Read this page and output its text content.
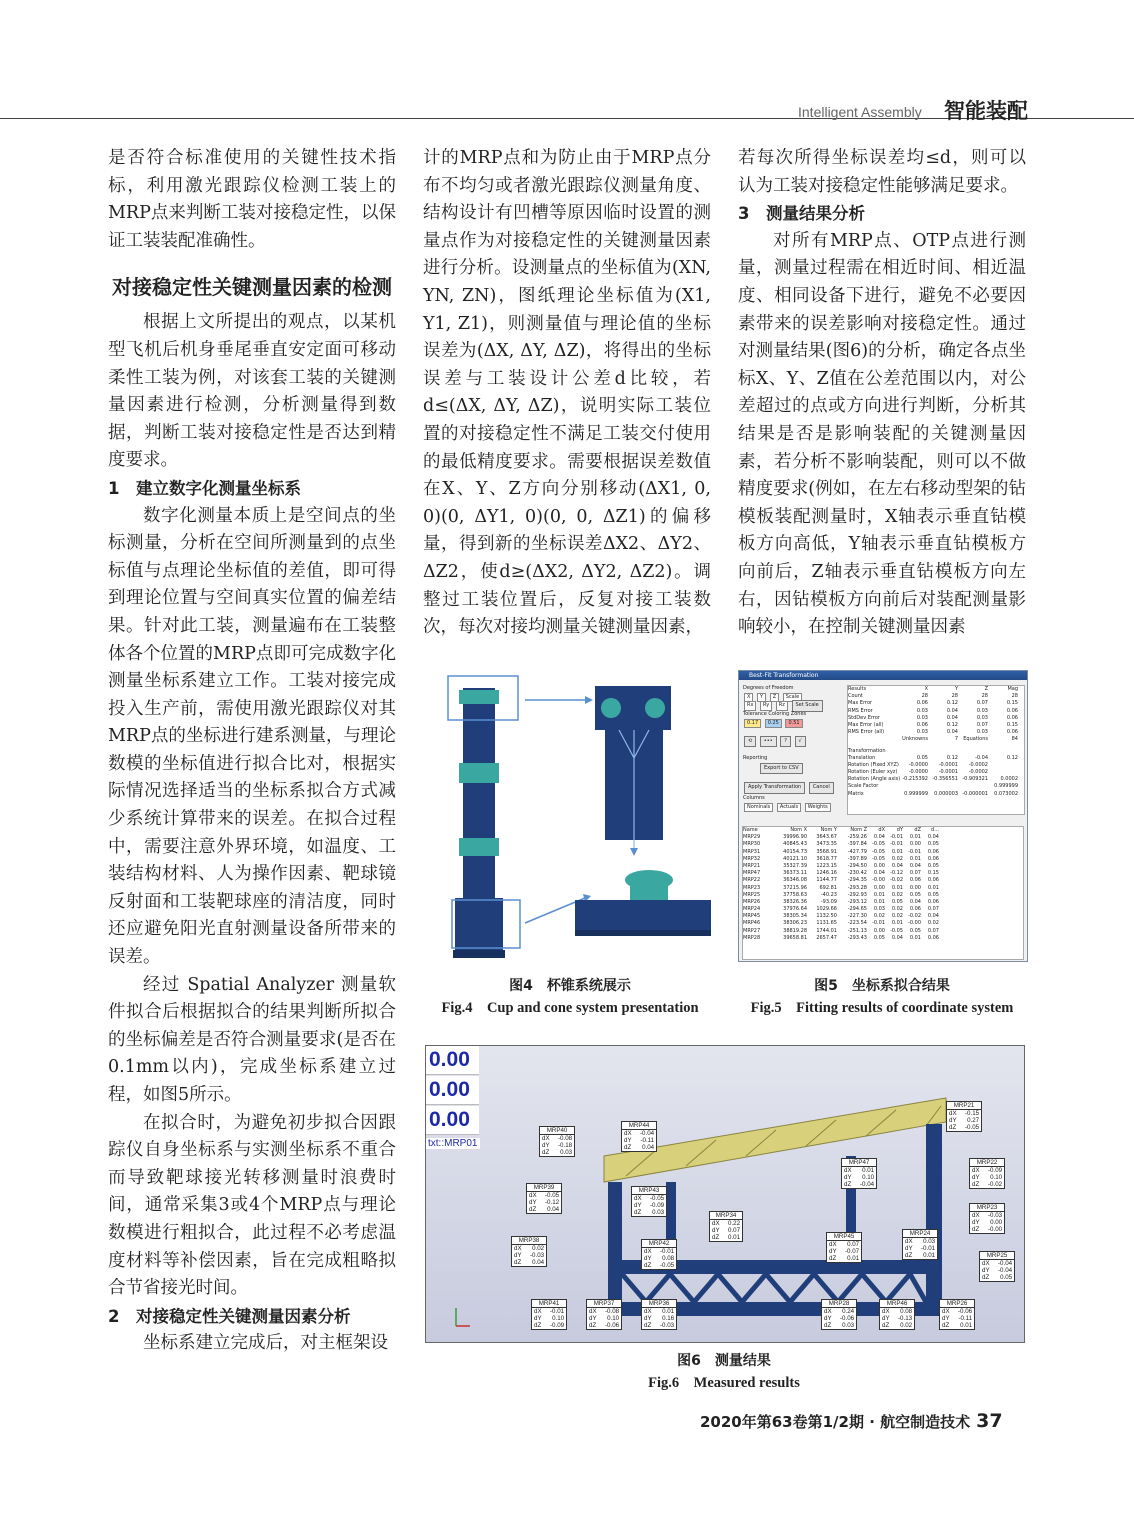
Intelligent Assembly 智能装配

是否符合标准使用的关键性技术指标，利用激光跟踪仪检测工装上的MRP点来判断工装对接稳定性，以保证工装装配准确性。

对接稳定性关键测量因素的检测

根据上文所提出的观点，以某机型飞机后机身垂尾垂直安定面可移动柔性工装为例，对该套工装的关键测量因素进行检测，分析测量得到数据，判断工装对接稳定性是否达到精度要求。

1　建立数字化测量坐标系

数字化测量本质上是空间点的坐标测量，分析在空间所测量到的点坐标值与点理论坐标值的差值，即可得到理论位置与空间真实位置的偏差结果。针对此工装，测量遍布在工装整体各个位置的MRP点即可完成数字化测量坐标系建立工作。工装对接完成投入生产前，需使用激光跟踪仪对其MRP点的坐标进行建系测量，与理论数模的坐标值进行拟合比对，根据实际情况选择适当的坐标系拟合方式减少系统计算带来的误差。在拟合过程中，需要注意外界环境，如温度、工装结构材料、人为操作因素、靶球镜反射面和工装靶球座的清洁度，同时还应避免阳光直射测量设备所带来的误差。

经过 Spatial Analyzer 测量软件拟合后根据拟合的结果判断所拟合的坐标偏差是否符合测量要求(是否在0.1mm以内)，完成坐标系建立过程，如图5所示。

在拟合时，为避免初步拟合因跟踪仪自身坐标系与实测坐标系不重合而导致靶球接光转移测量时浪费时间，通常采集3或4个MRP点与理论数模进行粗拟合，此过程不必考虑温度材料等补偿因素，旨在完成粗略拟合节省接光时间。

2　对接稳定性关键测量因素分析

坐标系建立完成后，对主框架设

计的MRP点和为防止由于MRP点分布不均匀或者激光跟踪仪测量角度、结构设计有凹槽等原因临时设置的测量点作为对接稳定性的关键测量因素进行分析。设测量点的坐标值为(XN, YN, ZN)，图纸理论坐标值为(X1, Y1, Z1)，则测量值与理论值的坐标误差为(ΔX, ΔY, ΔZ)，将得出的坐标误差与工装设计公差d比较，若d≤(ΔX, ΔY, ΔZ)，说明实际工装位置的对接稳定性不满足工装交付使用的最低精度要求。需要根据误差数值在X、Y、Z方向分别移动(ΔX1, 0, 0)(0, ΔY1, 0)(0, 0, ΔZ1)的偏移量，得到新的坐标误差ΔX2、ΔY2、ΔZ2，使d≥(ΔX2, ΔY2, ΔZ2)。调整过工装位置后，反复对接工装数次，每次对接均测量关键测量因素，

若每次所得坐标误差均≤d，则可以认为工装对接稳定性能够满足要求。

3　测量结果分析

对所有MRP点、OTP点进行测量，测量过程需在相近时间、相近温度、相同设备下进行，避免不必要因素带来的误差影响对接稳定性。通过对测量结果(图6)的分析，确定各点坐标X、Y、Z值在公差范围以内，对公差超过的点或方向进行判断，分析其结果是否是影响装配的关键测量因素，若分析不影响装配，则可以不做精度要求(例如，在左右移动型架的钻模板装配测量时，X轴表示垂直钻模板方向高低，Y轴表示垂直钻模板方向前后，Z轴表示垂直钻模板方向左右，因钻模板方向前后对装配测量影响较小，在控制关键测量因素

图4　杯锥系统展示
Fig.4　Cup and cone system presentation
Best-Fit Transformation
Degrees of Freedom
X Y Z Scale
Rx Ry Rz Set Scale
Tolerance Coloring Zones
0.17 0.25 0.51
⟲ ••• ? √
Reporting
Export to CSV
Apply Transformation Cancel
Columns
Nominals Actuals Weights
Results	X	Y	Z	Mag
Count	28	28	28	28
Max Error	0.06	0.12	0.07	0.15
RMS Error	0.03	0.04	0.03	0.06
StdDev Error	0.03	0.04	0.03	0.06
Max Error (all)	0.06	0.12	0.07	0.15
RMS Error (all)	0.03	0.04	0.03	0.06
Unknowns	7	Equations	84
Transformation
Translation	0.05	0.12	-0.04	0.12
Rotation (Fixed XYZ)	-0.0000	-0.0001	-0.0002
Rotation (Euler xyz)	-0.0000	-0.0001	-0.0002
Rotation (Angle axis) -0.215392 -0.356551 -0.909321	0.0002
Scale Factor	0.999999
Matrix	0.999999	0.000003 -0.000001	0.073002
Name	Nom X	Nom Y	Nom Z	dX	dY	dZ	d...
MRP29	39996.90	3643.67	-259.26	0.04	-0.01	0.01	0.04
MRP30	40845.43	3473.35	-397.84	-0.05	-0.01	0.00	0.05
MRP31	40154.73	3568.91	-427.79	-0.05	0.01	-0.01	0.06
MRP32	40121.10	3618.77	-397.89	-0.05	0.02	0.01	0.06
MRP21	35327.39	1223.15	-294.50	0.00	0.04	0.04	0.05
MRP47	36373.11	1246.16	-230.42	0.04	-0.12	0.07	0.15
MRP22	36346.08	1144.77	-294.35	-0.00	-0.02	0.06	0.06
MRP23	37215.96	692.81	-293.28	0.00	0.01	0.00	0.01
MRP25	37758.63	-40.23	-292.93	0.01	0.02	0.05	0.05
MRP26	38326.36	-93.09	-293.12	0.01	0.05	0.04	0.06
MRP24	37976.64	1029.66	-294.65	0.03	0.02	0.06	0.07
MRP45	38305.34	1132.50	-227.30	0.02	0.02	-0.02	0.04
MRP46	38306.23	1131.65	-223.54	-0.01	0.01	-0.00	0.02
MRP27	38819.28	1744.01	-251.13	0.00	-0.05	0.05	0.07
MRP28	39658.81	2657.47	-293.43	0.05	0.04	0.01	0.06
图5　坐标系拟合结果
Fig.5　Fitting results of coordinate system
0.00
0.00
0.00
txt::MRP01
MRP40
dX	-0.08
dY	-0.18
dZ	0.03
MRP44
dX	-0.04
dY	-0.11
dZ	0.04
MRP21
dX	-0.15
dY	0.27
dZ	-0.05
MRP47
dX	0.01
dY	0.10
dZ	-0.04
MRP22
dX	-0.09
dY	0.10
dZ	-0.02
MRP39
dX	-0.05
dY	-0.12
dZ	0.04
MRP43
dX	-0.05
dY	-0.09
dZ	0.03	MRP34
dX	0.22
dY	0.07
dZ	0.01
MRP23
dX	-0.03
dY	0.00
dZ	-0.00
MRP38
dX	0.02
dY	-0.03
dZ	0.04
MRP42
dX	-0.01
dY	0.08
dZ	-0.05
MRP45
dX	0.07
dY	-0.07
dZ	0.01
MRP24
dX	0.03
dY	-0.01
dZ	0.01	MRP25
dX	-0.04
dY	-0.04
dZ	0.05
MRP41
dX	-0.01
dY	0.10
dZ	-0.09
MRP37
dX	-0.08
dY	0.10
dZ	-0.06
MRP36
dX	0.01
dY	0.16
dZ	-0.03
MRP28
dX	0.24
dY	-0.06
dZ	0.03
MRP46
dX	0.08
dY	-0.13
dZ	0.02
MRP26
dX	-0.06
dY	-0.11
dZ	0.01
图6　测量结果
Fig.6　Measured results
2020年第63卷第1/2期 · 航空制造技术 37
